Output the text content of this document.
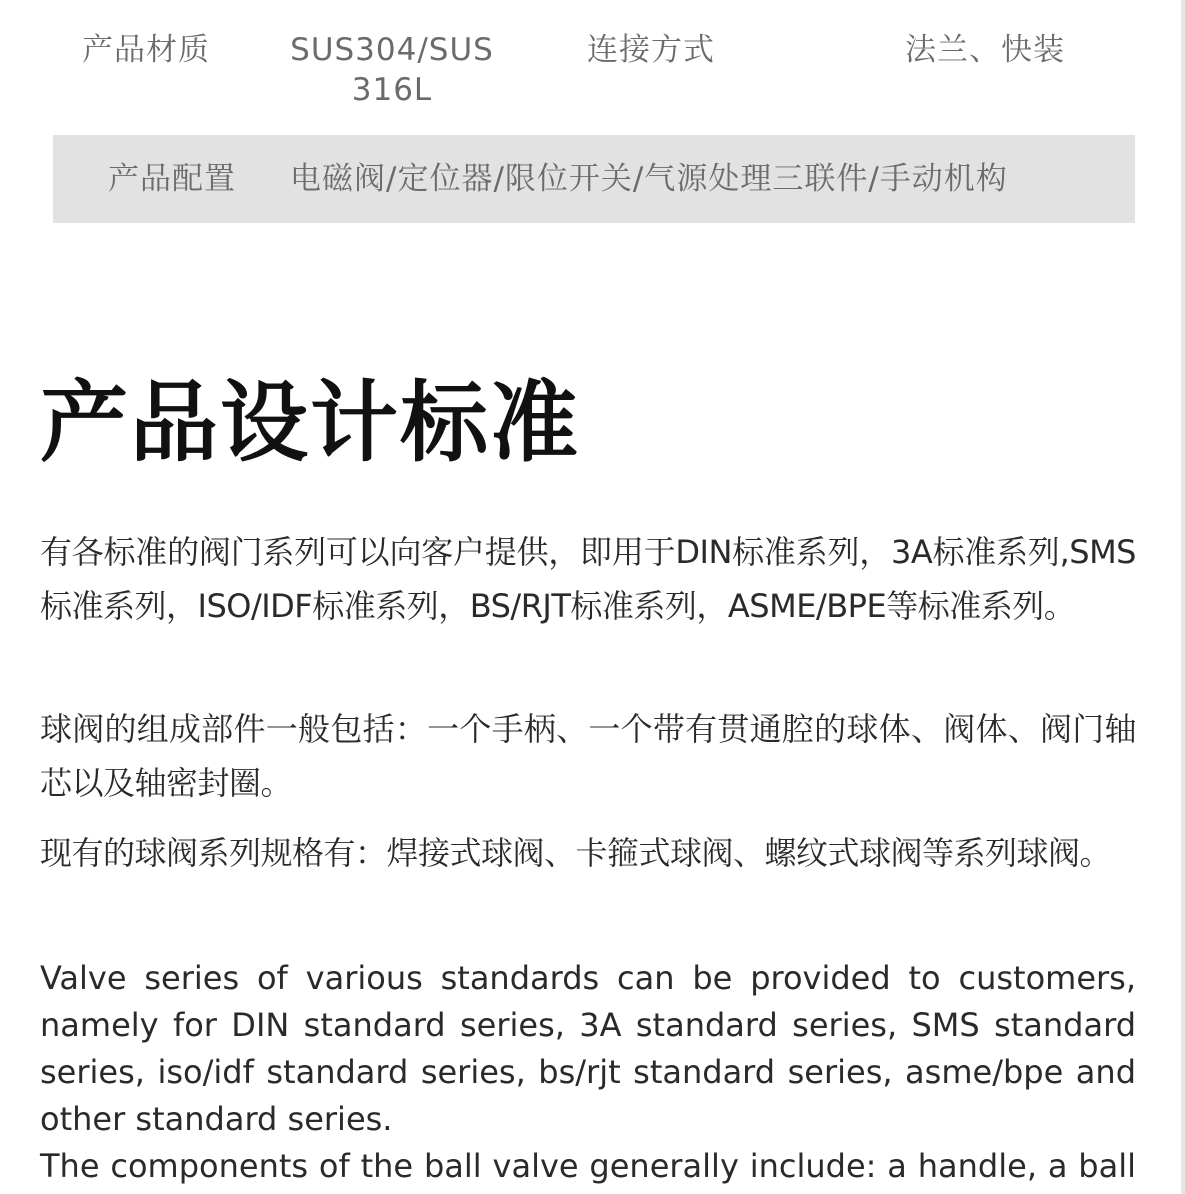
产品材质	SUS304/SUS316L
连接方式	法兰、快装
产品配置 电磁阀/定位器/限位开关/气源处理三联件/手动机构
产品设计标准

有各标准的阀门系列可以向客户提供，即用于DIN标准系列，3A标准系列,SMS标准系列，ISO/IDF标准系列，BS/RJT标准系列，ASME/BPE等标准系列。

球阀的组成部件一般包括：一个手柄、一个带有贯通腔的球体、阀体、阀门轴芯以及轴密封圈。

现有的球阀系列规格有：焊接式球阀、卡箍式球阀、螺纹式球阀等系列球阀。

Valve series of various standards can be provided to customers, namely for DIN standard series, 3A standard series, SMS standard series, iso/idf standard series, bs/rjt standard series, asme/bpe and other standard series.

The components of the ball valve generally include: a handle, a ball
